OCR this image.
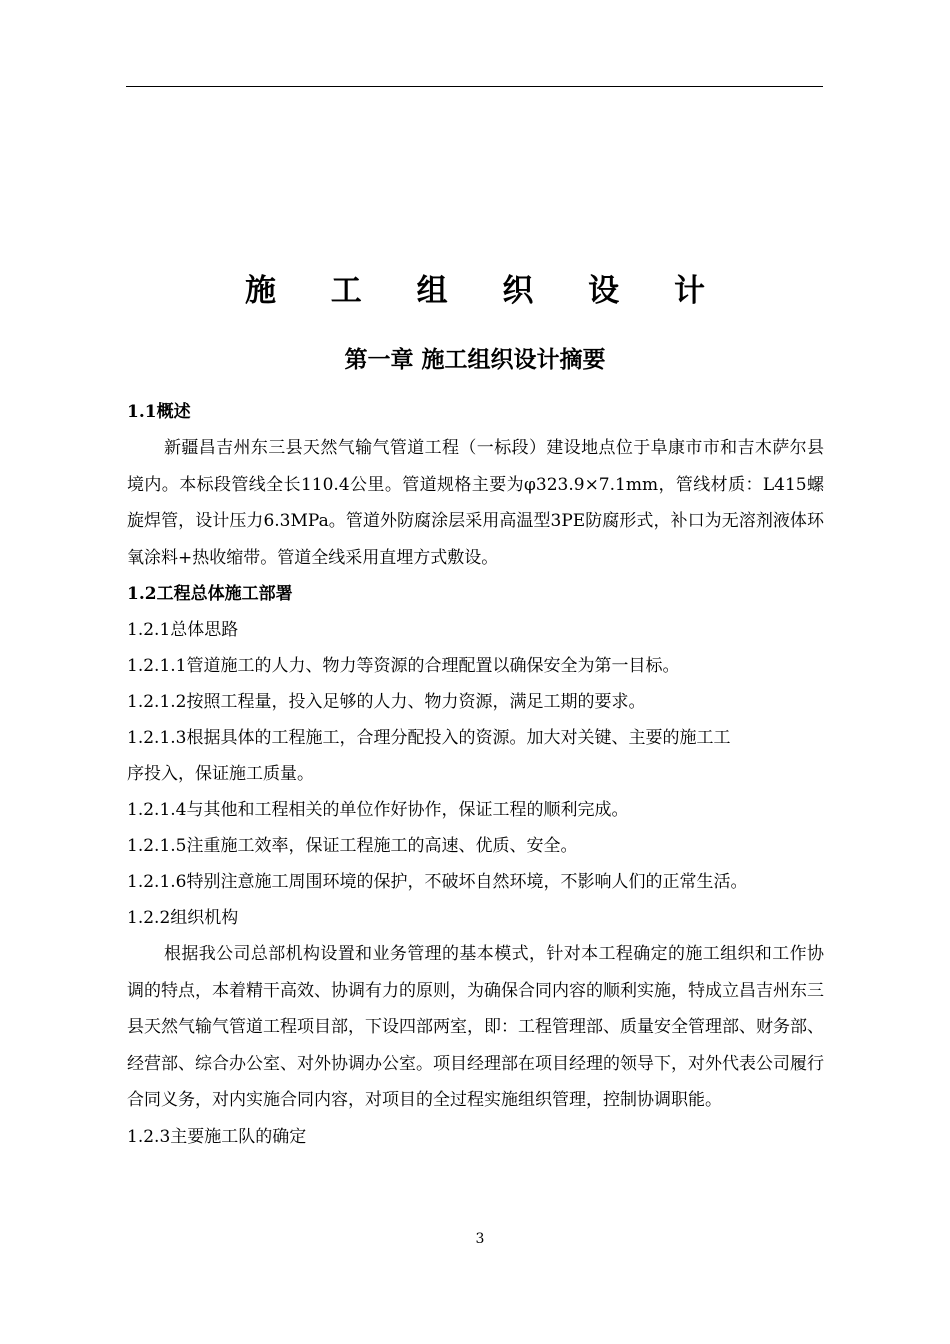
施 工 组 织 设 计
第一章 施工组织设计摘要

1.1概述

新疆昌吉州东三县天然气输气管道工程（一标段）建设地点位于阜康市市和吉木萨尔县境内。本标段管线全长110.4公里。管道规格主要为φ323.9×7.1mm，管线材质：L415螺旋焊管，设计压力6.3MPa。管道外防腐涂层采用高温型3PE防腐形式，补口为无溶剂液体环氧涂料+热收缩带。管道全线采用直埋方式敷设。

1.2工程总体施工部署

1.2.1总体思路

1.2.1.1管道施工的人力、物力等资源的合理配置以确保安全为第一目标。

1.2.1.2按照工程量，投入足够的人力、物力资源，满足工期的要求。

1.2.1.3根据具体的工程施工，合理分配投入的资源。加大对关键、主要的施工工

序投入，保证施工质量。

1.2.1.4与其他和工程相关的单位作好协作，保证工程的顺利完成。

1.2.1.5注重施工效率，保证工程施工的高速、优质、安全。

1.2.1.6特别注意施工周围环境的保护，不破坏自然环境，不影响人们的正常生活。

1.2.2组织机构

根据我公司总部机构设置和业务管理的基本模式，针对本工程确定的施工组织和工作协调的特点，本着精干高效、协调有力的原则，为确保合同内容的顺利实施，特成立昌吉州东三县天然气输气管道工程项目部，下设四部两室，即：工程管理部、质量安全管理部、财务部、经营部、综合办公室、对外协调办公室。项目经理部在项目经理的领导下，对外代表公司履行合同义务，对内实施合同内容，对项目的全过程实施组织管理，控制协调职能。

1.2.3主要施工队的确定

3
